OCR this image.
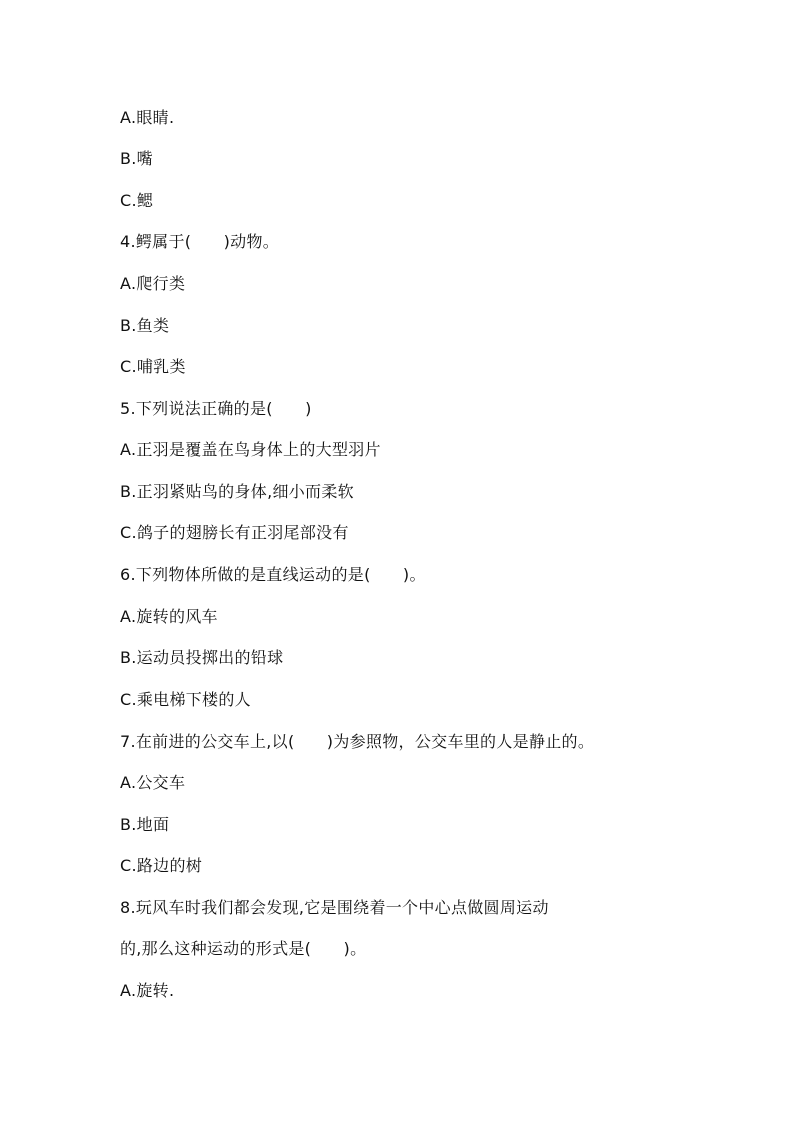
A.眼睛.
B.嘴
C.鳃
4.鳄属于(      )动物。
A.爬行类
B.鱼类
C.哺乳类
5.下列说法正确的是(      )
A.正羽是覆盖在鸟身体上的大型羽片
B.正羽紧贴鸟的身体,细小而柔软
C.鸽子的翅膀长有正羽尾部没有
6.下列物体所做的是直线运动的是(      )。
A.旋转的风车
B.运动员投掷出的铅球
C.乘电梯下楼的人
7.在前进的公交车上,以(      )为参照物，公交车里的人是静止的。
A.公交车
B.地面
C.路边的树
8.玩风车时我们都会发现,它是围绕着一个中心点做圆周运动
的,那么这种运动的形式是(      )。
A.旋转.
